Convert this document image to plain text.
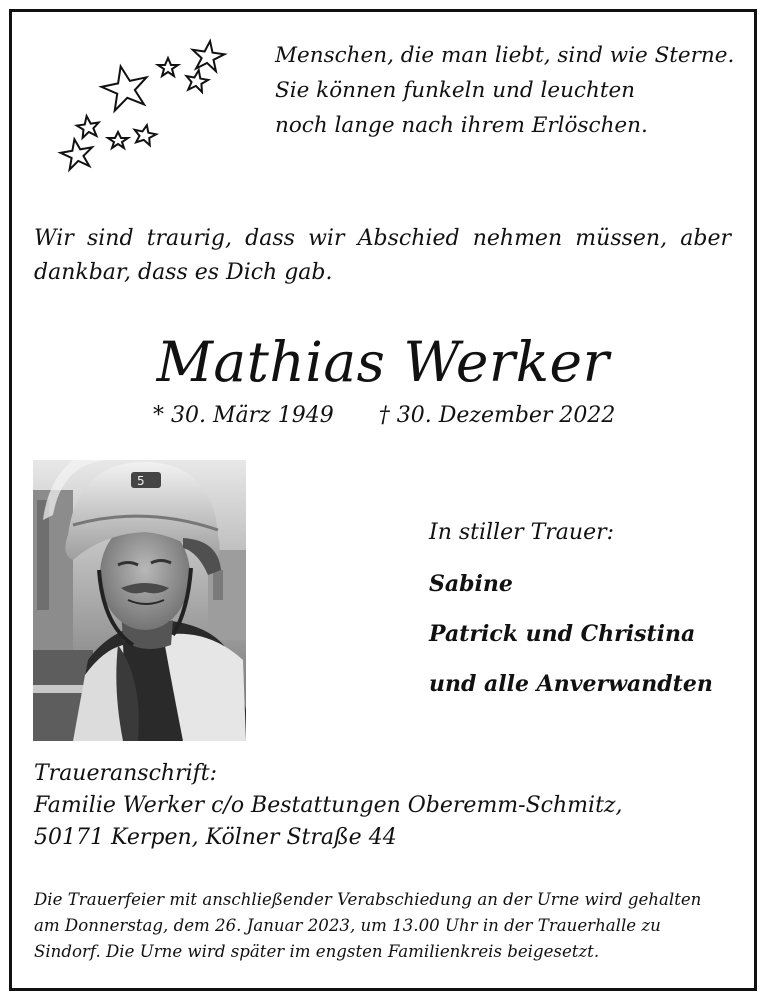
Menschen, die man liebt, sind wie Sterne.
Sie können funkeln und leuchten
noch lange nach ihrem Erlöschen.
Wir sind traurig, dass wir Abschied nehmen müssen, aber dankbar, dass es Dich gab.
Mathias Werker
* 30. März 1949 † 30. Dezember 2022
5
In stiller Trauer:
Sabine
Patrick und Christina
und alle Anverwandten
Traueranschrift:
Familie Werker c/o Bestattungen Oberemm-Schmitz,
50171 Kerpen, Kölner Straße 44
Die Trauerfeier mit anschließender Verabschiedung an der Urne wird gehalten
am Donnerstag, dem 26. Januar 2023, um 13.00 Uhr in der Trauerhalle zu
Sindorf. Die Urne wird später im engsten Familienkreis beigesetzt.
